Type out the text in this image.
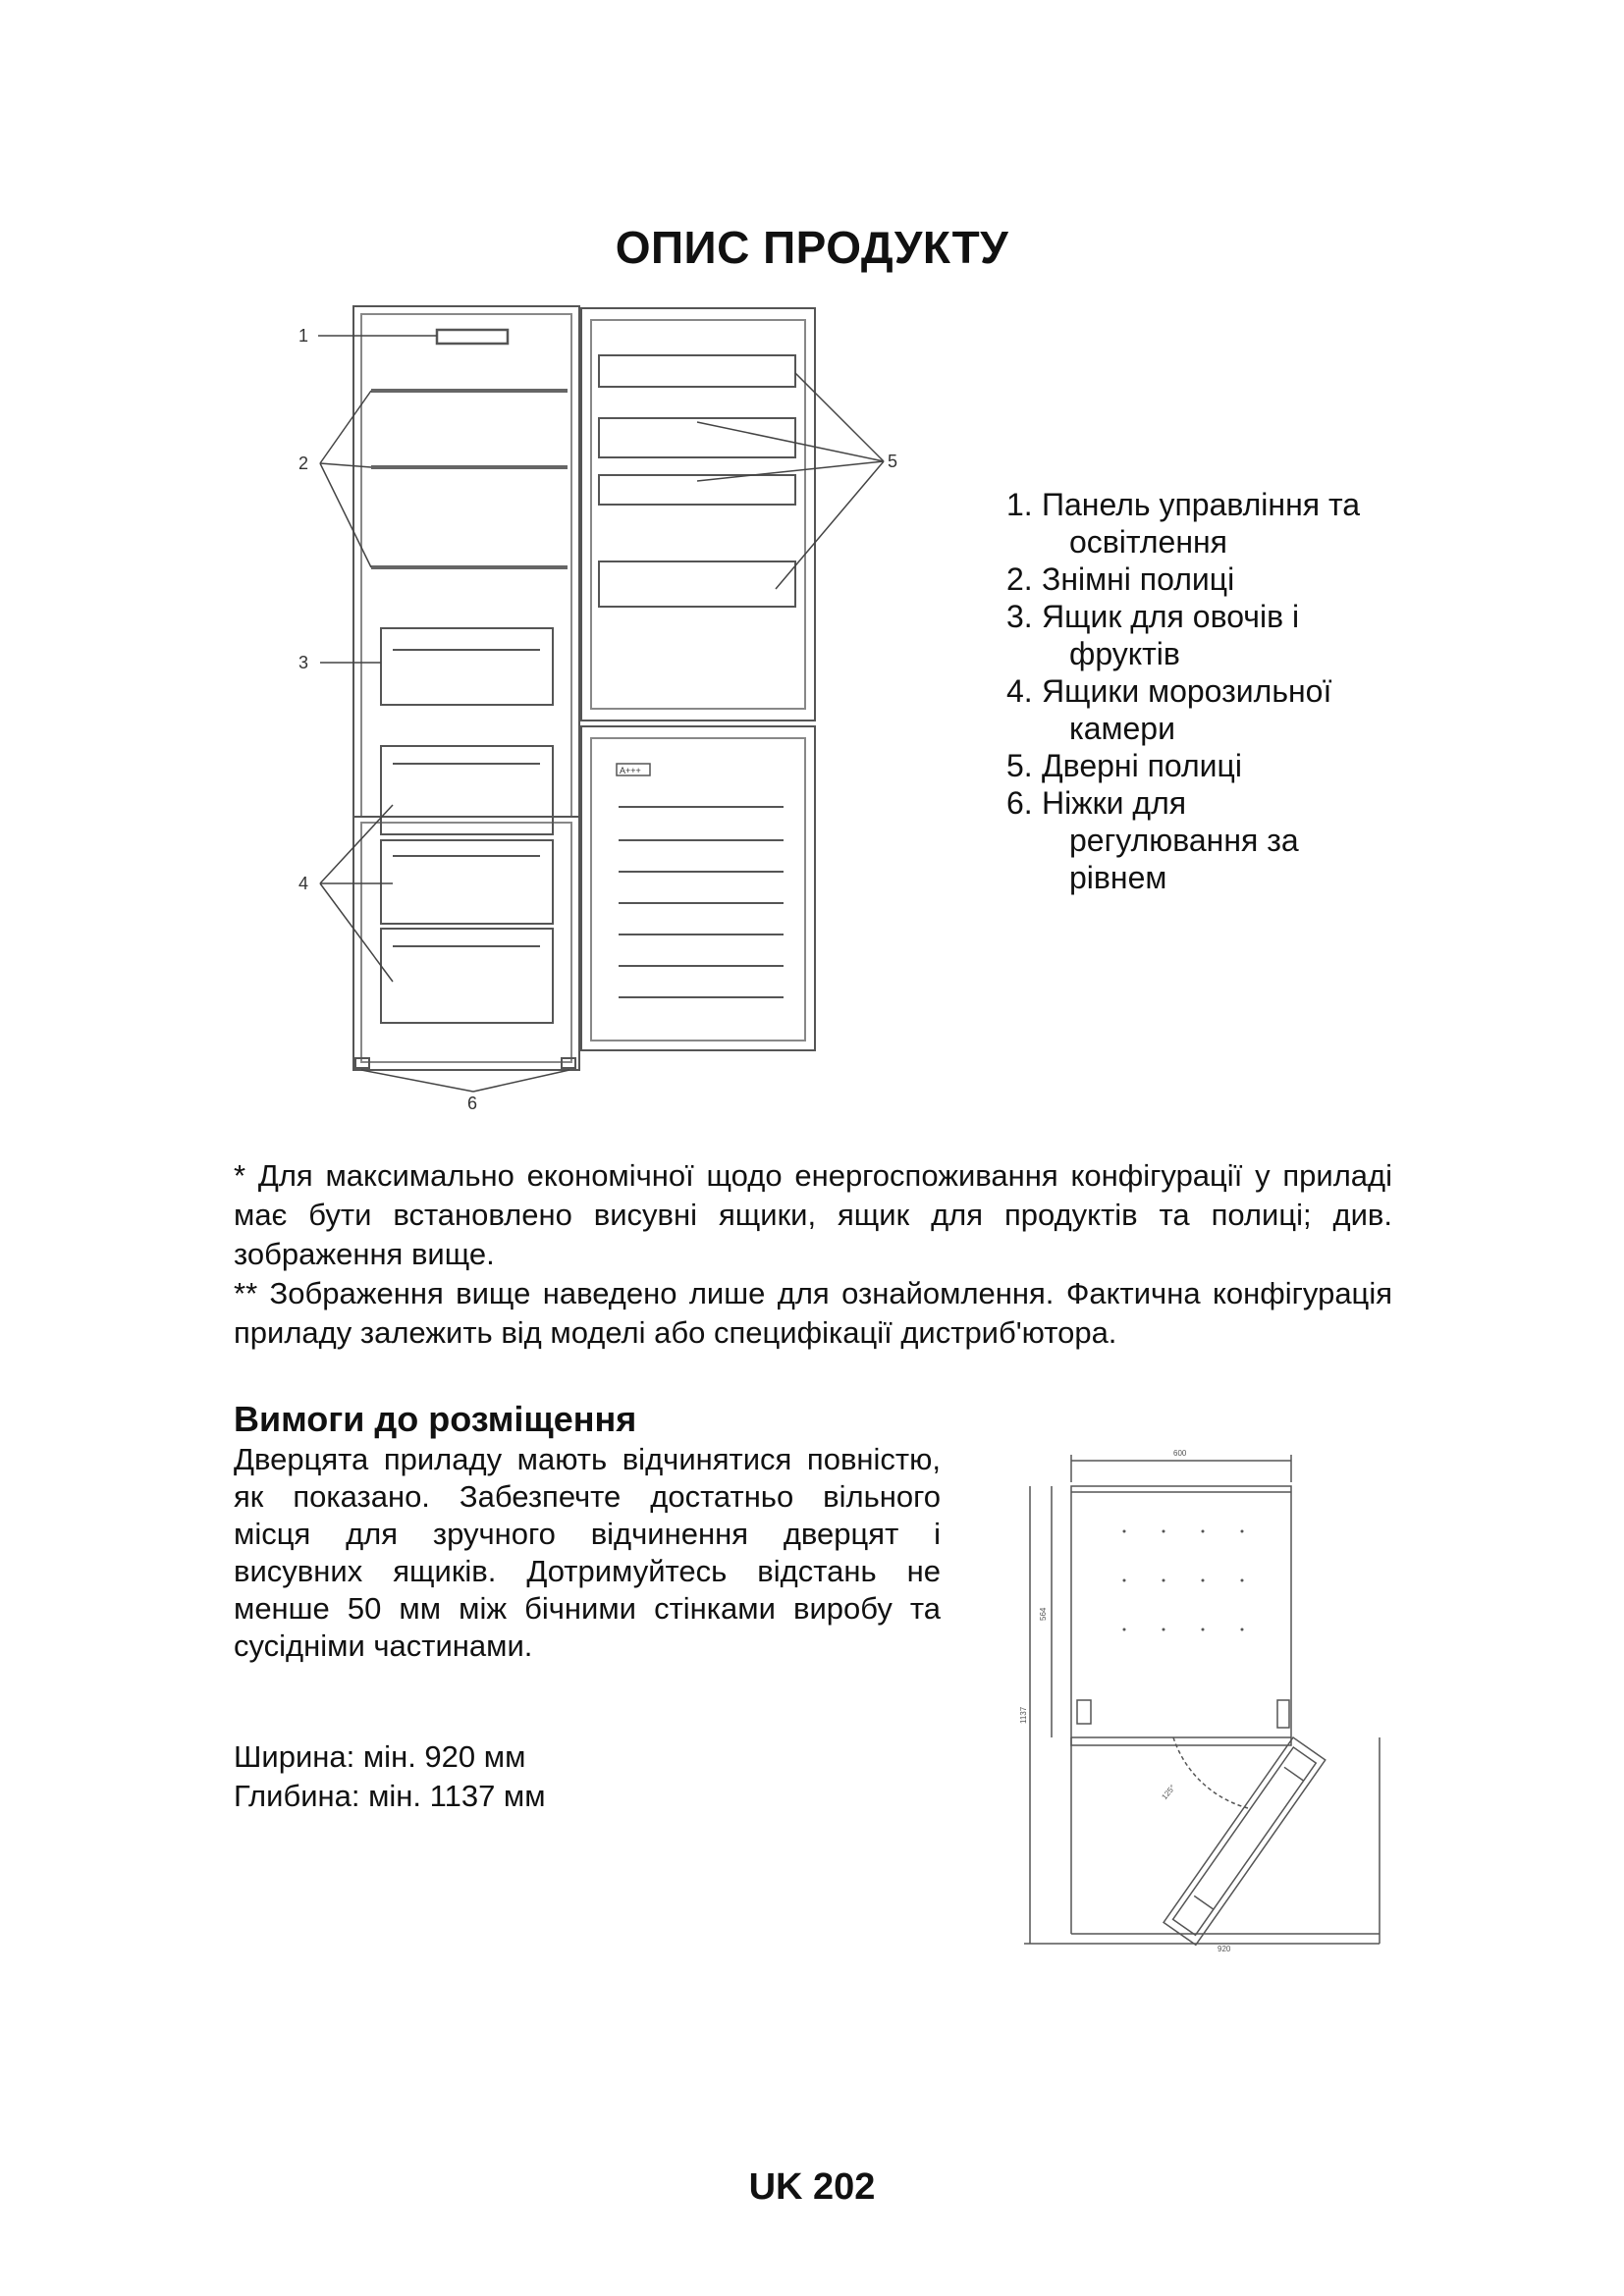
ОПИС ПРОДУКТУ
1
2
3
4
5
6
A+++
1. Панель управління та
освітлення
2. Знімні полиці
3. Ящик для овочів і
фруктів
4. Ящики морозильної
камери
5. Дверні полиці
6. Ніжки для
регулювання за
рівнем

* Для максимально економічної щодо енергоспоживання конфігурації у приладі має бути встановлено висувні ящики, ящик для продуктів та полиці; див. зображення вище.

** Зображення вище наведено лише для ознайомлення. Фактична конфігурація приладу залежить від моделі або специфікації дистриб'ютора.

Вимоги до розміщення
Дверцята приладу мають відчинятися повністю, як показано. Забезпечте достатньо вільного місця для зручного відчинення дверцят і висувних ящиків. Дотримуйтесь відстань не менше 50 мм між бічними стінками виробу та сусідніми частинами.
Ширина: мін. 920 мм
Глибина: мін. 1137 мм
600
564
1137
125°
920
UK 202
